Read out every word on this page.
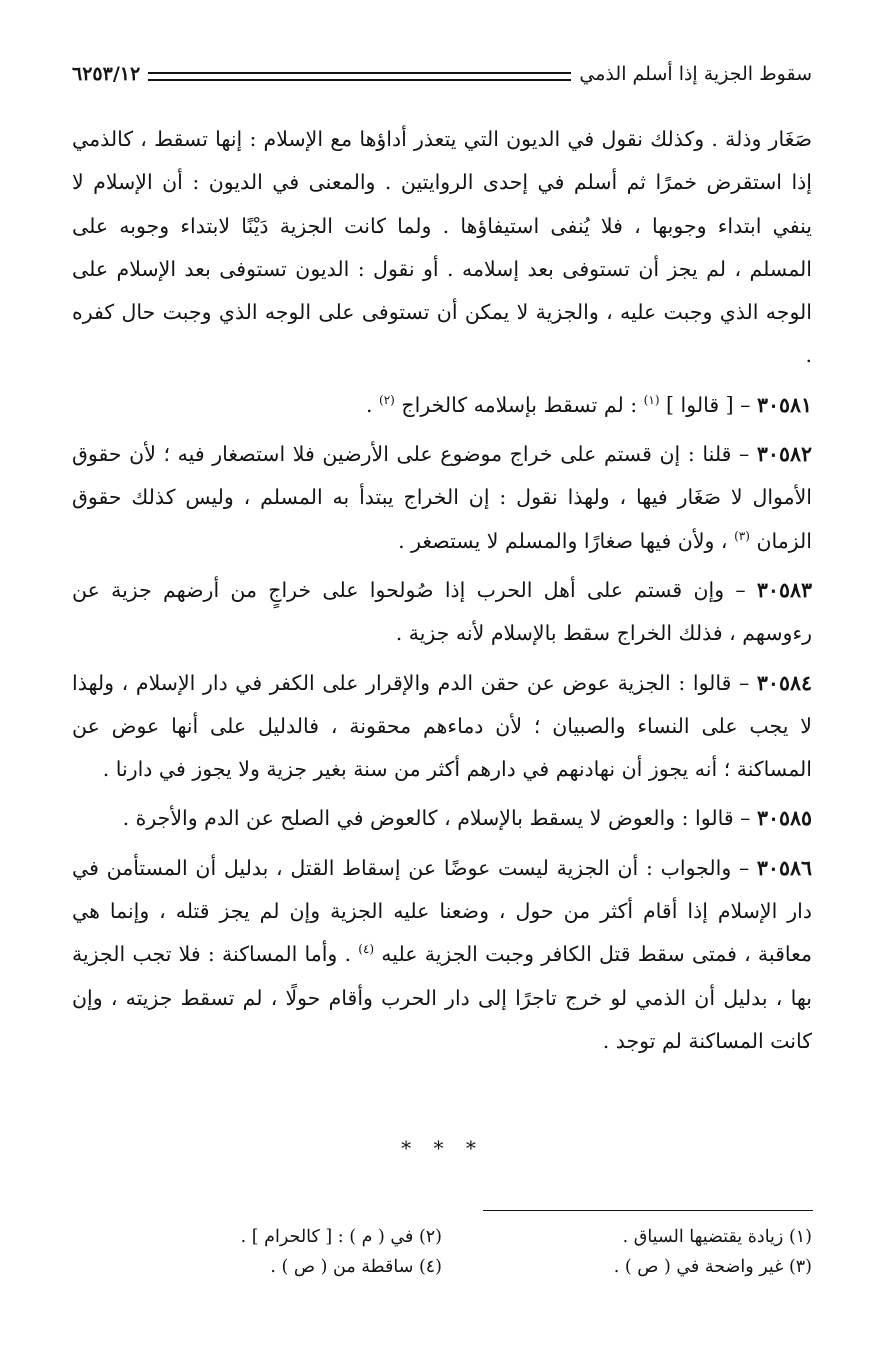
سقوط الجزية إذا أسلم الذمي
٦٢٥٣/١٢

صَغَار وذلة . وكذلك نقول في الديون التي يتعذر أداؤها مع الإسلام : إنها تسقط ، كالذمي إذا استقرض خمرًا ثم أسلم في إحدى الروايتين . والمعنى في الديون : أن الإسلام لا ينفي ابتداء وجوبها ، فلا يُنفى استيفاؤها . ولما كانت الجزية دَيْنًا لابتداء وجوبه على المسلم ، لم يجز أن تستوفى بعد إسلامه . أو نقول : الديون تستوفى بعد الإسلام على الوجه الذي وجبت عليه ، والجزية لا يمكن أن تستوفى على الوجه الذي وجبت حال كفره .

٣٠٥٨١ – [ قالوا ] $^{(١)}$ : لم تسقط بإسلامه كالخراج $^{(٢)}$ .

٣٠٥٨٢ – قلنا : إن قستم على خراج موضوع على الأرضين فلا استصغار فيه ؛ لأن حقوق الأموال لا صَغَار فيها ، ولهذا نقول : إن الخراج يبتدأ به المسلم ، وليس كذلك حقوق الزمان $^{(٣)}$ ، ولأن فيها صغارًا والمسلم لا يستصغر .

٣٠٥٨٣ – وإن قستم على أهل الحرب إذا صُولحوا على خراجٍ من أرضهم جزية عن رءوسهم ، فذلك الخراج سقط بالإسلام لأنه جزية .

٣٠٥٨٤ – قالوا : الجزية عوض عن حقن الدم والإقرار على الكفر في دار الإسلام ، ولهذا لا يجب على النساء والصبيان ؛ لأن دماءهم محقونة ، فالدليل على أنها عوض عن المساكنة ؛ أنه يجوز أن نهادنهم في دارهم أكثر من سنة بغير جزية ولا يجوز في دارنا .

٣٠٥٨٥ – قالوا : والعوض لا يسقط بالإسلام ، كالعوض في الصلح عن الدم والأجرة .

٣٠٥٨٦ – والجواب : أن الجزية ليست عوضًا عن إسقاط القتل ، بدليل أن المستأمن في دار الإسلام إذا أقام أكثر من حول ، وضعنا عليه الجزية وإن لم يجز قتله ، وإنما هي معاقبة ، فمتى سقط قتل الكافر وجبت الجزية عليه $^{(٤)}$ . وأما المساكنة : فلا تجب الجزية بها ، بدليل أن الذمي لو خرج تاجرًا إلى دار الحرب وأقام حولًا ، لم تسقط جزيته ، وإن كانت المساكنة لم توجد .

* * *
(١) زيادة يقتضيها السياق .
(٢) في ( م ) : [ كالحرام ] .
(٣) غير واضحة في ( ص ) .
(٤) ساقطة من ( ص ) .
